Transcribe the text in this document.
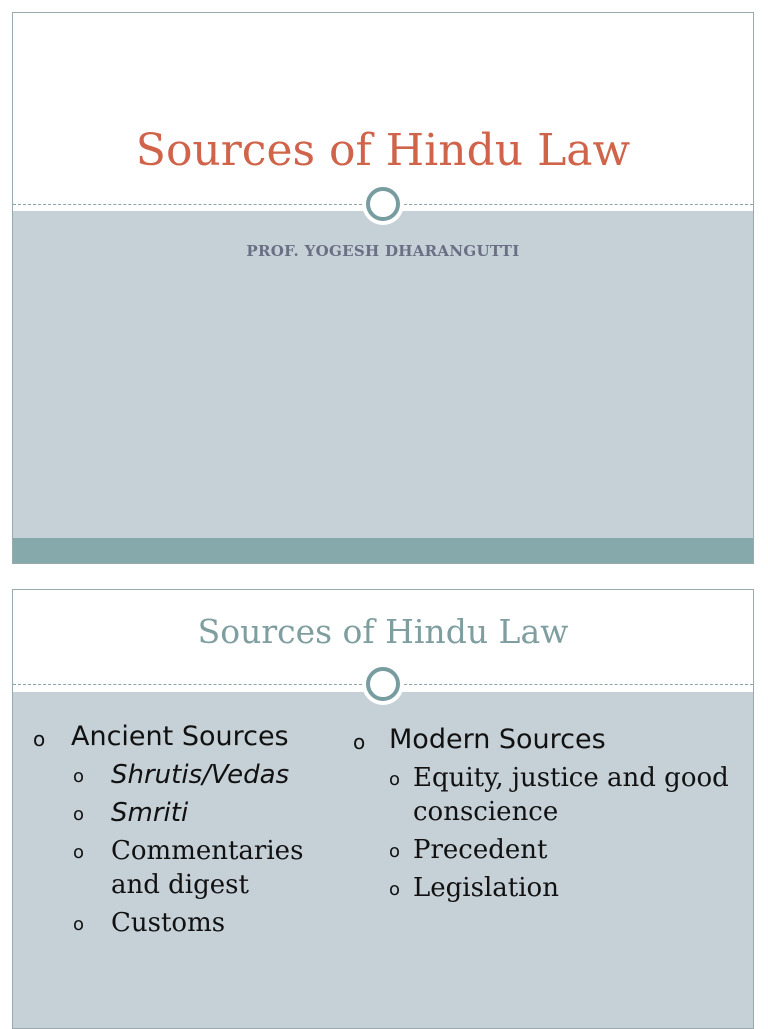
Sources of Hindu Law
PROF. YOGESH DHARANGUTTI
Sources of Hindu Law
o Ancient Sources
o Shrutis/Vedas
o Smriti
o Commentaries and digest
o Customs
o Modern Sources
o Equity, justice and good conscience
o Precedent
o Legislation
